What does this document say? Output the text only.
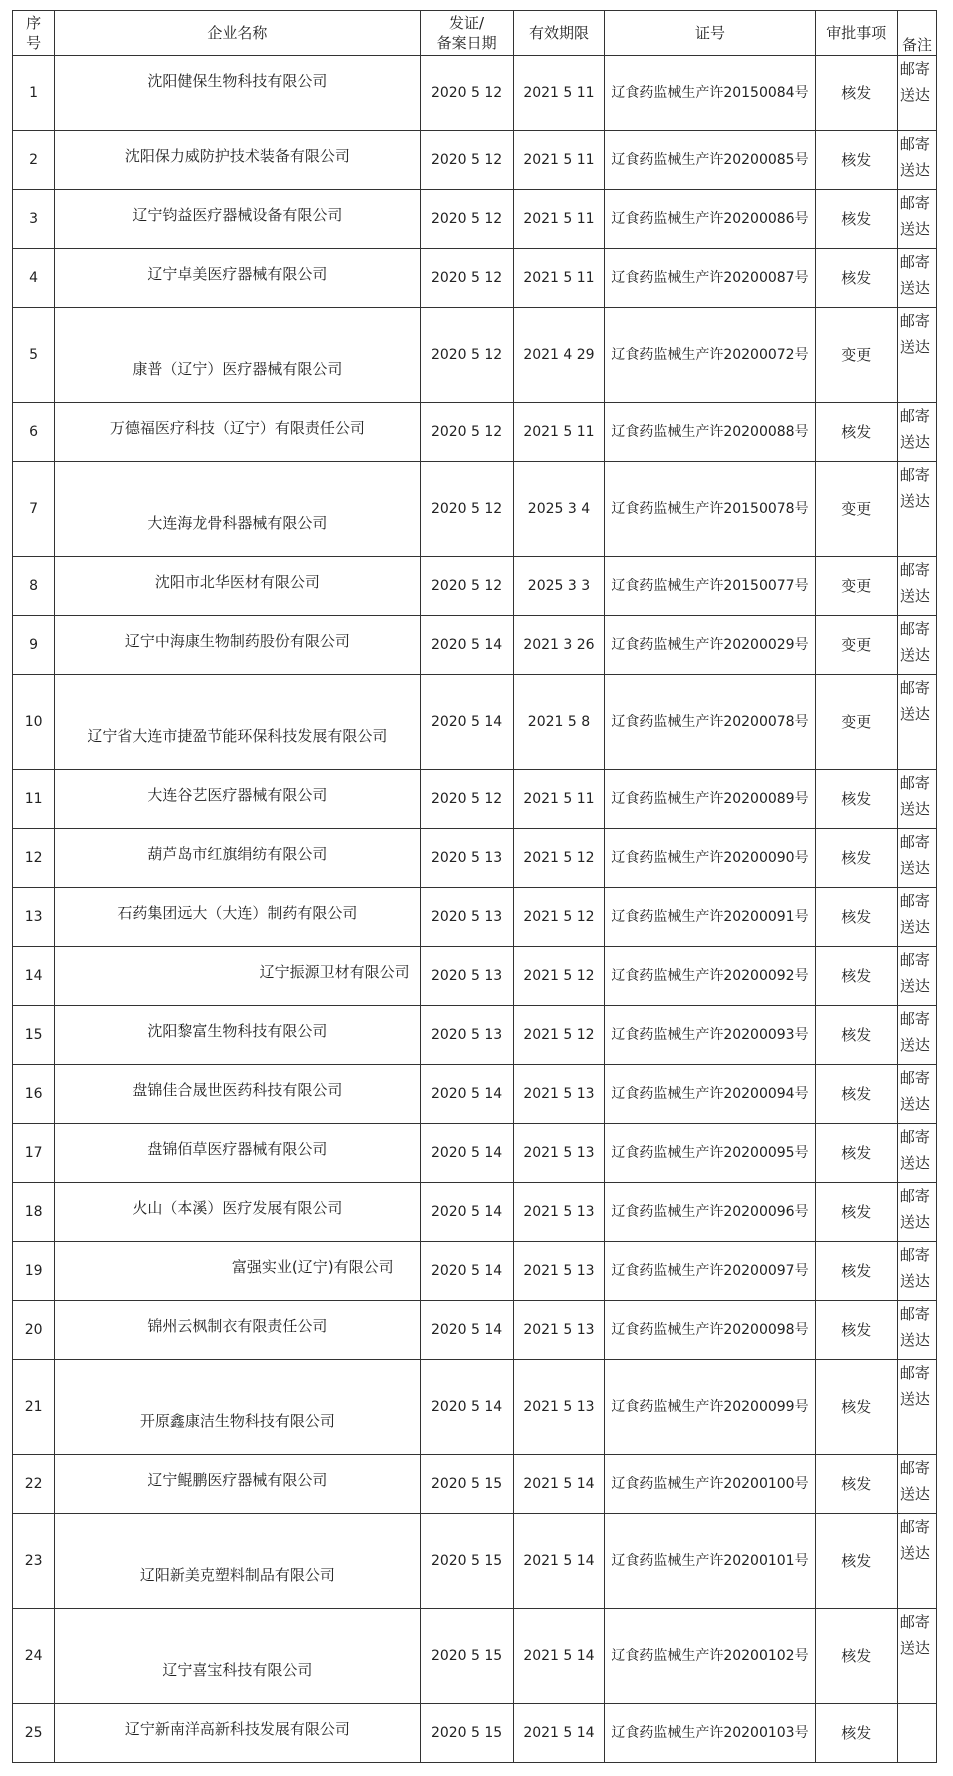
序
号	企业名称	发证/
备案日期	有效期限	证号	审批事项	备注
1	沈阳健保生物科技有限公司	2020 5 12	2021 5 11	辽食药监械生产许20150084号	核发	邮寄
送达

2	沈阳保力威防护技术装备有限公司	2020 5 12	2021 5 11	辽食药监械生产许20200085号	核发	邮寄
送达

3	辽宁钧益医疗器械设备有限公司	2020 5 12	2021 5 11	辽食药监械生产许20200086号	核发	邮寄
送达

4	辽宁卓美医疗器械有限公司	2020 5 12	2021 5 11	辽食药监械生产许20200087号	核发	邮寄
送达

5	康普（辽宁）医疗器械有限公司	2020 5 12	2021 4 29	辽食药监械生产许20200072号	变更	邮寄
送达

6	万德福医疗科技（辽宁）有限责任公司	2020 5 12	2021 5 11	辽食药监械生产许20200088号	核发	邮寄
送达

7	大连海龙骨科器械有限公司	2020 5 12	2025 3 4	辽食药监械生产许20150078号	变更	邮寄
送达

8	沈阳市北华医材有限公司	2020 5 12	2025 3 3	辽食药监械生产许20150077号	变更	邮寄
送达

9	辽宁中海康生物制药股份有限公司	2020 5 14	2021 3 26	辽食药监械生产许20200029号	变更	邮寄
送达

10	辽宁省大连市捷盈节能环保科技发展有限公司	2020 5 14	2021 5 8	辽食药监械生产许20200078号	变更	邮寄
送达

11	大连谷艺医疗器械有限公司	2020 5 12	2021 5 11	辽食药监械生产许20200089号	核发	邮寄
送达

12	葫芦岛市红旗绢纺有限公司	2020 5 13	2021 5 12	辽食药监械生产许20200090号	核发	邮寄
送达

13	石药集团远大（大连）制药有限公司	2020 5 13	2021 5 12	辽食药监械生产许20200091号	核发	邮寄
送达

14	辽宁振源卫材有限公司	2020 5 13	2021 5 12	辽食药监械生产许20200092号	核发	邮寄
送达

15	沈阳黎富生物科技有限公司	2020 5 13	2021 5 12	辽食药监械生产许20200093号	核发	邮寄
送达

16	盘锦佳合晟世医药科技有限公司	2020 5 14	2021 5 13	辽食药监械生产许20200094号	核发	邮寄
送达

17	盘锦佰草医疗器械有限公司	2020 5 14	2021 5 13	辽食药监械生产许20200095号	核发	邮寄
送达

18	火山（本溪）医疗发展有限公司	2020 5 14	2021 5 13	辽食药监械生产许20200096号	核发	邮寄
送达

19	富强实业(辽宁)有限公司	2020 5 14	2021 5 13	辽食药监械生产许20200097号	核发	邮寄
送达

20	锦州云枫制衣有限责任公司	2020 5 14	2021 5 13	辽食药监械生产许20200098号	核发	邮寄
送达

21	开原鑫康洁生物科技有限公司	2020 5 14	2021 5 13	辽食药监械生产许20200099号	核发	邮寄
送达

22	辽宁鲲鹏医疗器械有限公司	2020 5 15	2021 5 14	辽食药监械生产许20200100号	核发	邮寄
送达

23	辽阳新美克塑料制品有限公司	2020 5 15	2021 5 14	辽食药监械生产许20200101号	核发	邮寄
送达

24	辽宁喜宝科技有限公司	2020 5 15	2021 5 14	辽食药监械生产许20200102号	核发	邮寄
送达

25	辽宁新南洋高新科技发展有限公司	2020 5 15	2021 5 14	辽食药监械生产许20200103号	核发	
